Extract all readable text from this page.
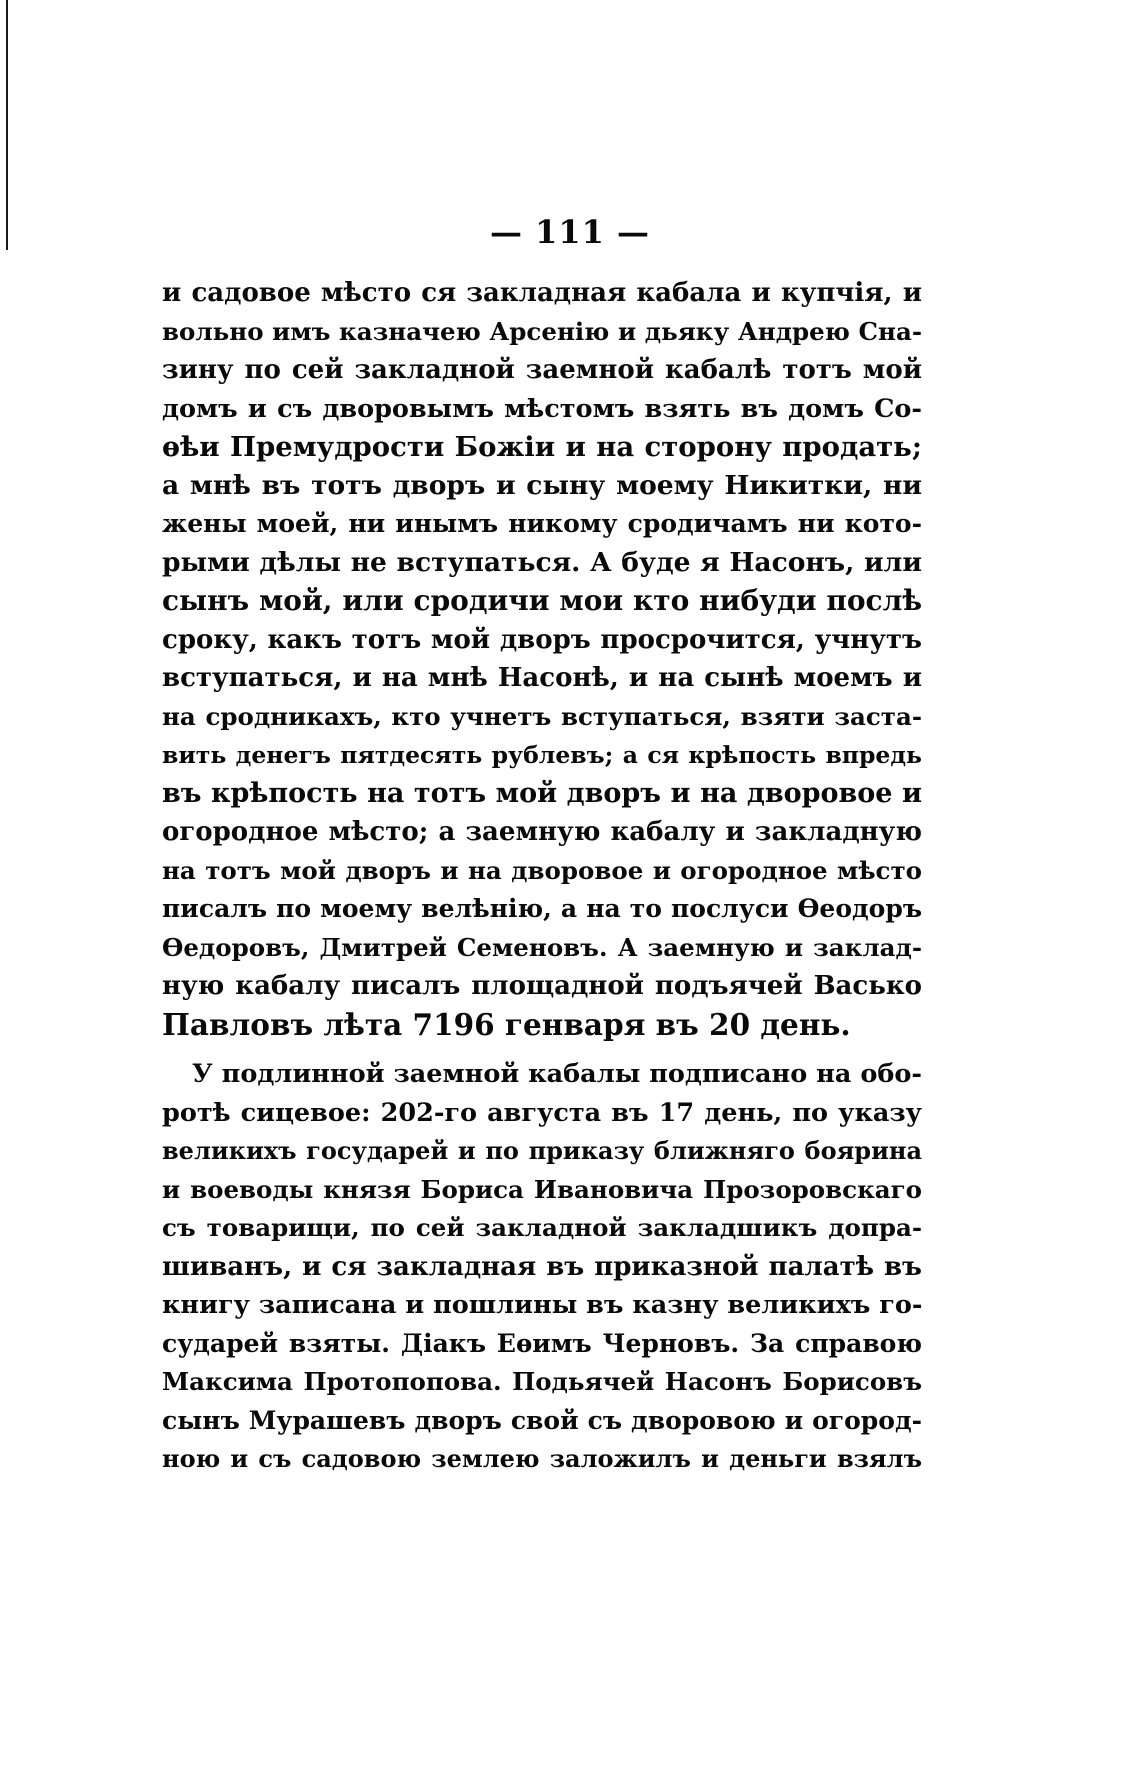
— 111 —
и садовое мѣсто ся закладная кабала и купчія, и
вольно имъ казначею Арсенію и дьяку Андрею Сна-
зину по сей закладной заемной кабалѣ тотъ мой
домъ и съ дворовымъ мѣстомъ взять въ домъ Со-
ѳѣи Премудрости Божіи и на сторону продать;
а мнѣ въ тотъ дворъ и сыну моему Никитки, ни
жены моей, ни инымъ никому сродичамъ ни кото-
рыми дѣлы не вступаться. А буде я Насонъ, или
сынъ мой, или сродичи мои кто нибуди послѣ
сроку, какъ тотъ мой дворъ просрочится, учнутъ
вступаться, и на мнѣ Насонѣ, и на сынѣ моемъ и
на сродникахъ, кто учнетъ вступаться, взяти заста-
вить денегъ пятдесять рублевъ; а ся крѣпость впредь
въ крѣпость на тотъ мой дворъ и на дворовое и
огородное мѣсто; а заемную кабалу и закладную
на тотъ мой дворъ и на дворовое и огородное мѣсто
писалъ по моему велѣнію, а на то послуси Ѳеодоръ
Ѳедоровъ, Дмитрей Семеновъ. А заемную и заклад-
ную кабалу писалъ площадной подъячей Васько
Павловъ лѣта 7196 генваря въ 20 день.
У подлинной заемной кабалы подписано на обо-
ротѣ сицевое: 202-го августа въ 17 день, по указу
великихъ государей и по приказу ближняго боярина
и воеводы князя Бориса Ивановича Прозоровскаго
съ товарищи, по сей закладной закладшикъ допра-
шиванъ, и ся закладная въ приказной палатѣ въ
книгу записана и пошлины въ казну великихъ го-
сударей взяты. Діакъ Еѳимъ Черновъ. За справою
Максима Протопопова. Подьячей Насонъ Борисовъ
сынъ Мурашевъ дворъ свой съ дворовою и огород-
ною и съ садовою землею заложилъ и деньги взялъ
